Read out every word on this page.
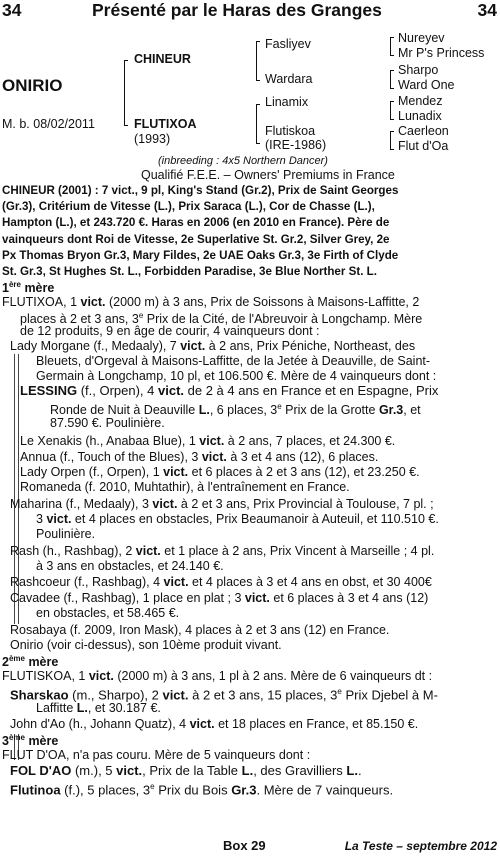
34	Présenté par le Haras des Granges	34
ONIRIO
M. b. 08/02/2011
CHINEUR
FLUTIXOA
(1993)
Fasliyev
Wardara
Linamix
Flutiskoa
(IRE-1986)
Nureyev
Mr P's Princess
Sharpo
Ward One
Mendez
Lunadix
Caerleon
Flut d'Oa
(inbreeding : 4x5 Northern Dancer)
Qualifié F.E.E. – Owners' Premiums in France
CHINEUR (2001) : 7 vict., 9 pl, King's Stand (Gr.2), Prix de Saint Georges
(Gr.3), Critérium de Vitesse (L.), Prix Saraca (L.), Cor de Chasse (L.),
Hampton (L.), et 243.720 €. Haras en 2006 (en 2010 en France). Père de
vainqueurs dont Roi de Vitesse, 2e Superlative St. Gr.2, Silver Grey, 2e
Px Thomas Bryon Gr.3, Mary Fildes, 2e UAE Oaks Gr.3, 3e Firth of Clyde
St. Gr.3, St Hughes St. L., Forbidden Paradise, 3e Blue Norther St. L.
1ère mère
FLUTIXOA, 1 vict. (2000 m) à 3 ans, Prix de Soissons à Maisons-Laffitte, 2
places à 2 et 3 ans, 3e Prix de la Cité, de l'Abreuvoir à Longchamp. Mère
de 12 produits, 9 en âge de courir, 4 vainqueurs dont :
Lady Morgane (f., Medaaly), 7 vict. à 2 ans, Prix Péniche, Northeast, des
Bleuets, d'Orgeval à Maisons-Laffitte, de la Jetée à Deauville, de Saint-
Germain à Longchamp, 10 pl, et 106.500 €. Mère de 4 vainqueurs dont :
LESSING (f., Orpen), 4 vict. de 2 à 4 ans en France et en Espagne, Prix
Ronde de Nuit à Deauville L., 6 places, 3e Prix de la Grotte Gr.3, et
87.590 €. Poulinière.
Le Xenakis (h., Anabaa Blue), 1 vict. à 2 ans, 7 places, et 24.300 €.
Annua (f., Touch of the Blues), 3 vict. à 3 et 4 ans (12), 6 places.
Lady Orpen (f., Orpen), 1 vict. et 6 places à 2 et 3 ans (12), et 23.250 €.
Romaneda (f. 2010, Muhtathir), à l'entraînement en France.
Maharina (f., Medaaly), 3 vict. à 2 et 3 ans, Prix Provincial à Toulouse, 7 pl. ;
3 vict. et 4 places en obstacles, Prix Beaumanoir à Auteuil, et 110.510 €.
Poulinière.
Rash (h., Rashbag), 2 vict. et 1 place à 2 ans, Prix Vincent à Marseille ; 4 pl.
à 3 ans en obstacles, et 24.140 €.
Rashcoeur (f., Rashbag), 4 vict. et 4 places à 3 et 4 ans en obst, et 30 400€
Cavadee (f., Rashbag), 1 place en plat ; 3 vict. et 6 places à 3 et 4 ans (12)
en obstacles, et 58.465 €.
Rosabaya (f. 2009, Iron Mask), 4 places à 2 et 3 ans (12) en France.
Onirio (voir ci-dessus), son 10ème produit vivant.
2ème mère
FLUTISKOA, 1 vict. (2000 m) à 3 ans, 1 pl à 2 ans. Mère de 6 vainqueurs dt :
Sharskao (m., Sharpo), 2 vict. à 2 et 3 ans, 15 places, 3e Prix Djebel à M-
Laffitte L., et 30.187 €.
John d'Ao (h., Johann Quatz), 4 vict. et 18 places en France, et 85.150 €.
3ème mère
FLUT D'OA, n'a pas couru. Mère de 5 vainqueurs dont :
FOL D'AO (m.), 5 vict., Prix de la Table L., des Gravilliers L..
Flutinoa (f.), 5 places, 3e Prix du Bois Gr.3. Mère de 7 vainqueurs.
Box 29	La Teste – septembre 2012
